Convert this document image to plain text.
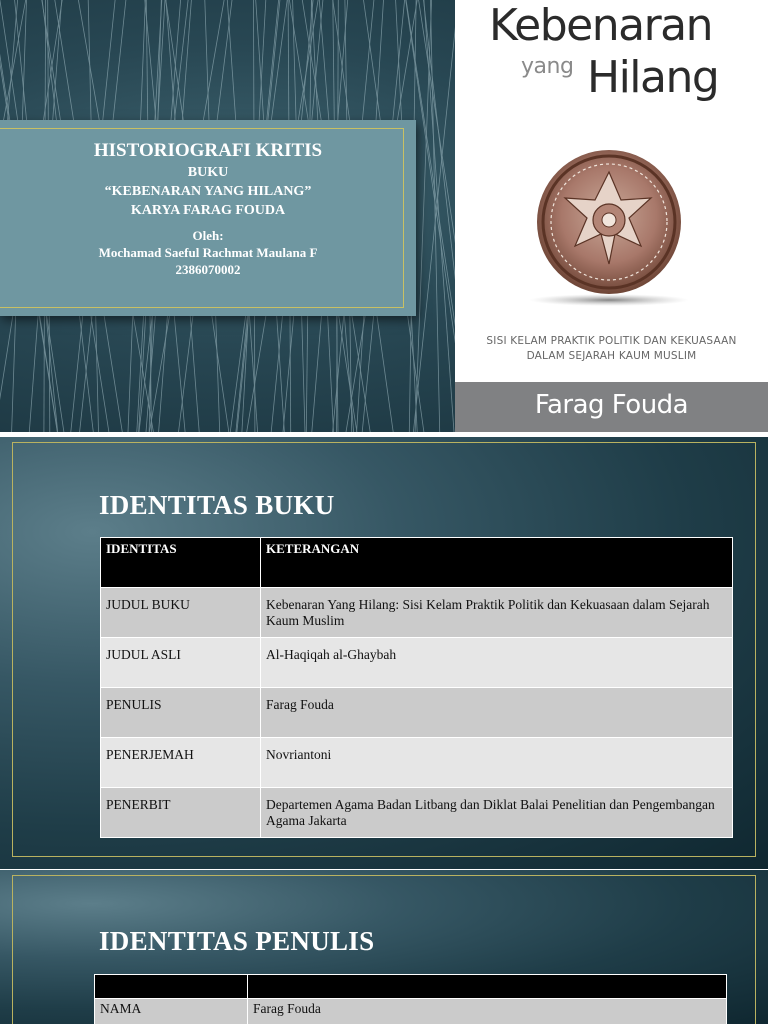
HISTORIOGRAFI KRITIS
BUKU
“KEBENARAN YANG HILANG”
KARYA FARAG FOUDA
Oleh:
Mochamad Saeful Rachmat Maulana F
2386070002
Kebenaran
yang Hilang
SISI KELAM PRAKTIK POLITIK DAN KEKUASAAN
DALAM SEJARAH KAUM MUSLIM
Farag Fouda
IDENTITAS BUKU
IDENTITAS	KETERANGAN
JUDUL BUKU	Kebenaran Yang Hilang: Sisi Kelam Praktik Politik dan Kekuasaan dalam Sejarah Kaum Muslim
JUDUL ASLI	Al-Haqiqah al-Ghaybah
PENULIS	Farag Fouda
PENERJEMAH	Novriantoni
PENERBIT	Departemen Agama Badan Litbang dan Diklat Balai Penelitian dan Pengembangan Agama Jakarta
IDENTITAS PENULIS

NAMA	Farag Fouda
